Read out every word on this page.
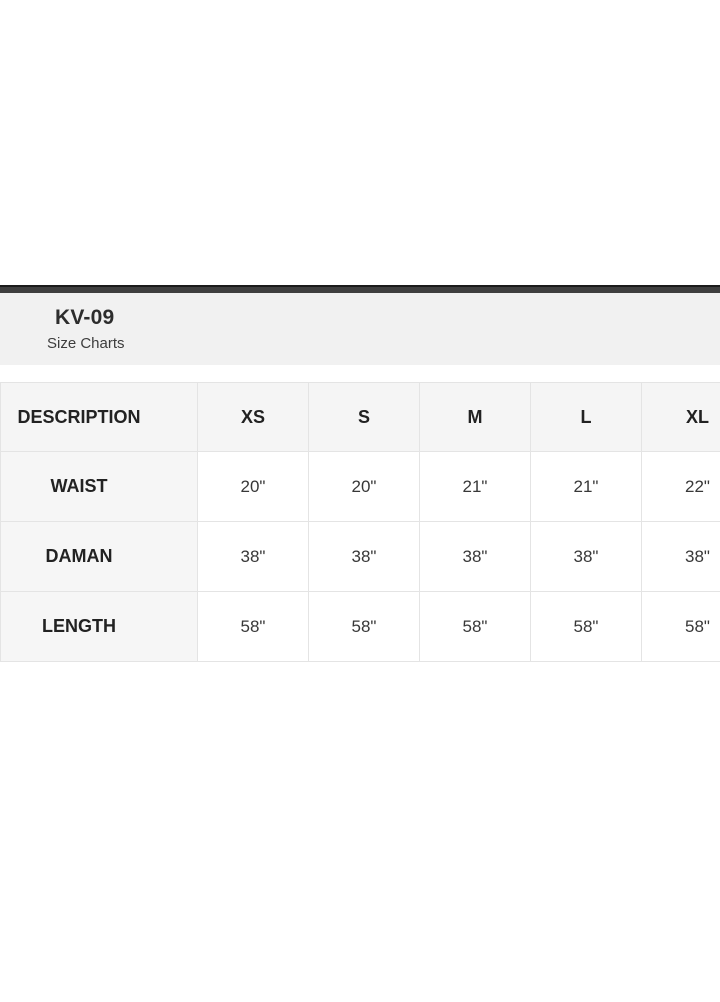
KV-09
Size Charts
DESCRIPTION	XS	S	M	L	XL
WAIST	20"	20"	21"	21"	22"
DAMAN	38"	38"	38"	38"	38"
LENGTH	58"	58"	58"	58"	58"
